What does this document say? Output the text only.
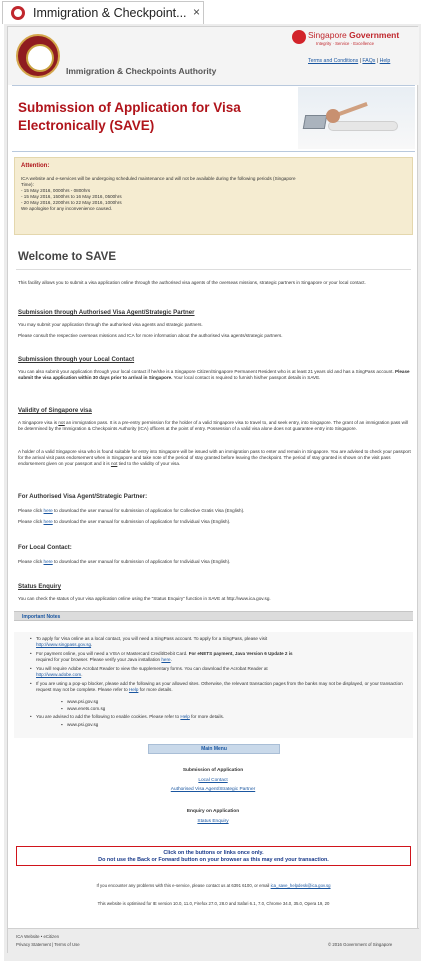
Immigration & Checkpoint... ×
Immigration & Checkpoints Authority
Singapore Government
Integrity · Service · Excellence
Terms and Conditions | FAQs | Help
Submission of Application for Visa
Electronically (SAVE)
Attention:
ICA website and e-services will be undergoing scheduled maintenance and will not be available during the following periods (Singapore
Time):
- 15 May 2016, 0000hrs - 0800hrs
- 15 May 2016, 1500hrs to 16 May 2016, 0500hrs
- 20 May 2016, 2200hrs to 22 May 2016, 1000hrs
We apologise for any inconvenience caused.
Welcome to SAVE
This facility allows you to submit a visa application online through the authorised visa agents of the overseas missions, strategic partners in Singapore or your local contact.
Submission through Authorised Visa Agent/Strategic Partner
You may submit your application through the authorised visa agents and strategic partners.
Please consult the respective overseas missions and ICA for more information about the authorised visa agents/strategic partners.
Submission through your Local Contact
You can also submit your application through your local contact if he/she is a Singapore Citizen/Singapore Permanent Resident who is at least 21 years old and has a SingPass account. Please submit the visa application within 30 days prior to arrival in Singapore. Your local contact is required to furnish his/her passport details in SAVE.
Validity of Singapore visa
A Singapore visa is not an immigration pass. It is a pre-entry permission for the holder of a valid Singapore visa to travel to, and seek entry, into Singapore. The grant of an immigration pass will be determined by the Immigration & Checkpoints Authority (ICA) officers at the point of entry. Possession of a valid visa alone does not guarantee entry into Singapore.
A holder of a valid Singapore visa who is found suitable for entry into Singapore will be issued with an immigration pass to enter and remain in Singapore. You are advised to check your passport for the arrival visit pass endorsement when in Singapore and take note of the period of stay granted before leaving the checkpoint. The period of stay granted is shown on the visit pass endorsement given on your passport and it is not tied to the validity of your visa.
For Authorised Visa Agent/Strategic Partner:
Please click here to download the user manual for submission of application for Collective Gratis Visa (English).
Please click here to download the user manual for submission of application for Individual Visa (English).
For Local Contact:
Please click here to download the user manual for submission of application for Individual Visa (English).
Status Enquiry
You can check the status of your visa application online using the "Status Enquiry" function in SAVE at http://www.ica.gov.sg.
Important Notes
• To apply for Visa online as a local contact, you will need a SingPass account. To apply for a SingPass, please visit
http://www.singpass.gov.sg.
• For payment online, you will need a VISA or Mastercard Credit/Debit Card. For eNETS payment, Java Version 6 Update 2 is
required for your browser. Please verify your Java installation here.
• You will require Adobe Acrobat Reader to view the supplementary forms. You can download the Acrobat Reader at
http://www.adobe.com.
• If you are using a pop-up blocker, please add the following as your allowed sites. Otherwise, the relevant transaction pages from the banks may not be displayed, or your transaction request may not be complete. Please refer to Help for more details.
▪ www.psi.gov.sg
▪ www.enets.com.sg
• You are advised to add the following to enable cookies. Please refer to Help for more details.
▪ www.psi.gov.sg
Main Menu
Submission of Application
Local Contact
Authorised Visa Agent/Strategic Partner
Enquiry on Application
Status Enquiry
Click on the buttons or links once only.
Do not use the Back or Forward button on your browser as this may end your transaction.
If you encounter any problems with this e-service, please contact us at 6391 6100, or email ica_save_helpdesk@ica.gov.sg
This website is optimised for IE version 10.0, 11.0, Firefox 27.0, 28.0 and Safari 6.1, 7.0, Chrome 34.0, 35.0, Opera 19, 20
ICA Website • eCitizen
Privacy Statement | Terms of Use	© 2016 Government of Singapore
